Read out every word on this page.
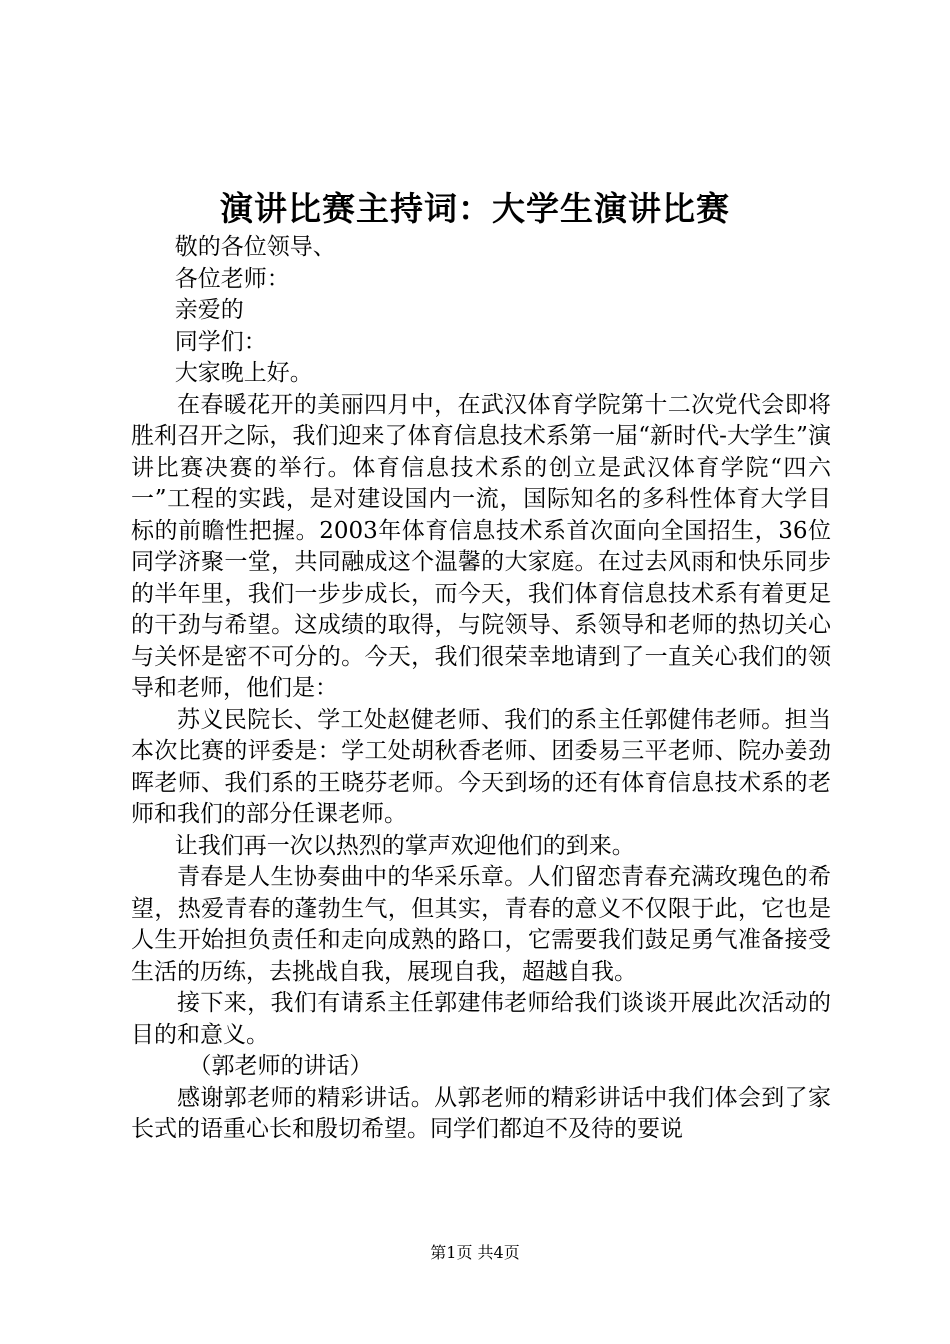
演讲比赛主持词：大学生演讲比赛

敬的各位领导、

各位老师：

亲爱的

同学们：

大家晚上好。

在春暖花开的美丽四月中，在武汉体育学院第十二次党代会即将胜利召开之际，我们迎来了体育信息技术系第一届“新时代-大学生”演讲比赛决赛的举行。体育信息技术系的创立是武汉体育学院“四六一”工程的实践，是对建设国内一流，国际知名的多科性体育大学目标的前瞻性把握。2003年体育信息技术系首次面向全国招生，36位同学济聚一堂，共同融成这个温馨的大家庭。在过去风雨和快乐同步的半年里，我们一步步成长，而今天，我们体育信息技术系有着更足的干劲与希望。这成绩的取得，与院领导、系领导和老师的热切关心与关怀是密不可分的。今天，我们很荣幸地请到了一直关心我们的领导和老师，他们是：

苏义民院长、学工处赵健老师、我们的系主任郭健伟老师。担当本次比赛的评委是：学工处胡秋香老师、团委易三平老师、院办姜劲晖老师、我们系的王晓芬老师。今天到场的还有体育信息技术系的老师和我们的部分任课老师。

让我们再一次以热烈的掌声欢迎他们的到来。

青春是人生协奏曲中的华采乐章。人们留恋青春充满玫瑰色的希望，热爱青春的蓬勃生气，但其实，青春的意义不仅限于此，它也是人生开始担负责任和走向成熟的路口，它需要我们鼓足勇气准备接受生活的历练，去挑战自我，展现自我，超越自我。

接下来，我们有请系主任郭建伟老师给我们谈谈开展此次活动的目的和意义。

（郭老师的讲话）

感谢郭老师的精彩讲话。从郭老师的精彩讲话中我们体会到了家长式的语重心长和殷切希望。同学们都迫不及待的要说

第1页 共4页
